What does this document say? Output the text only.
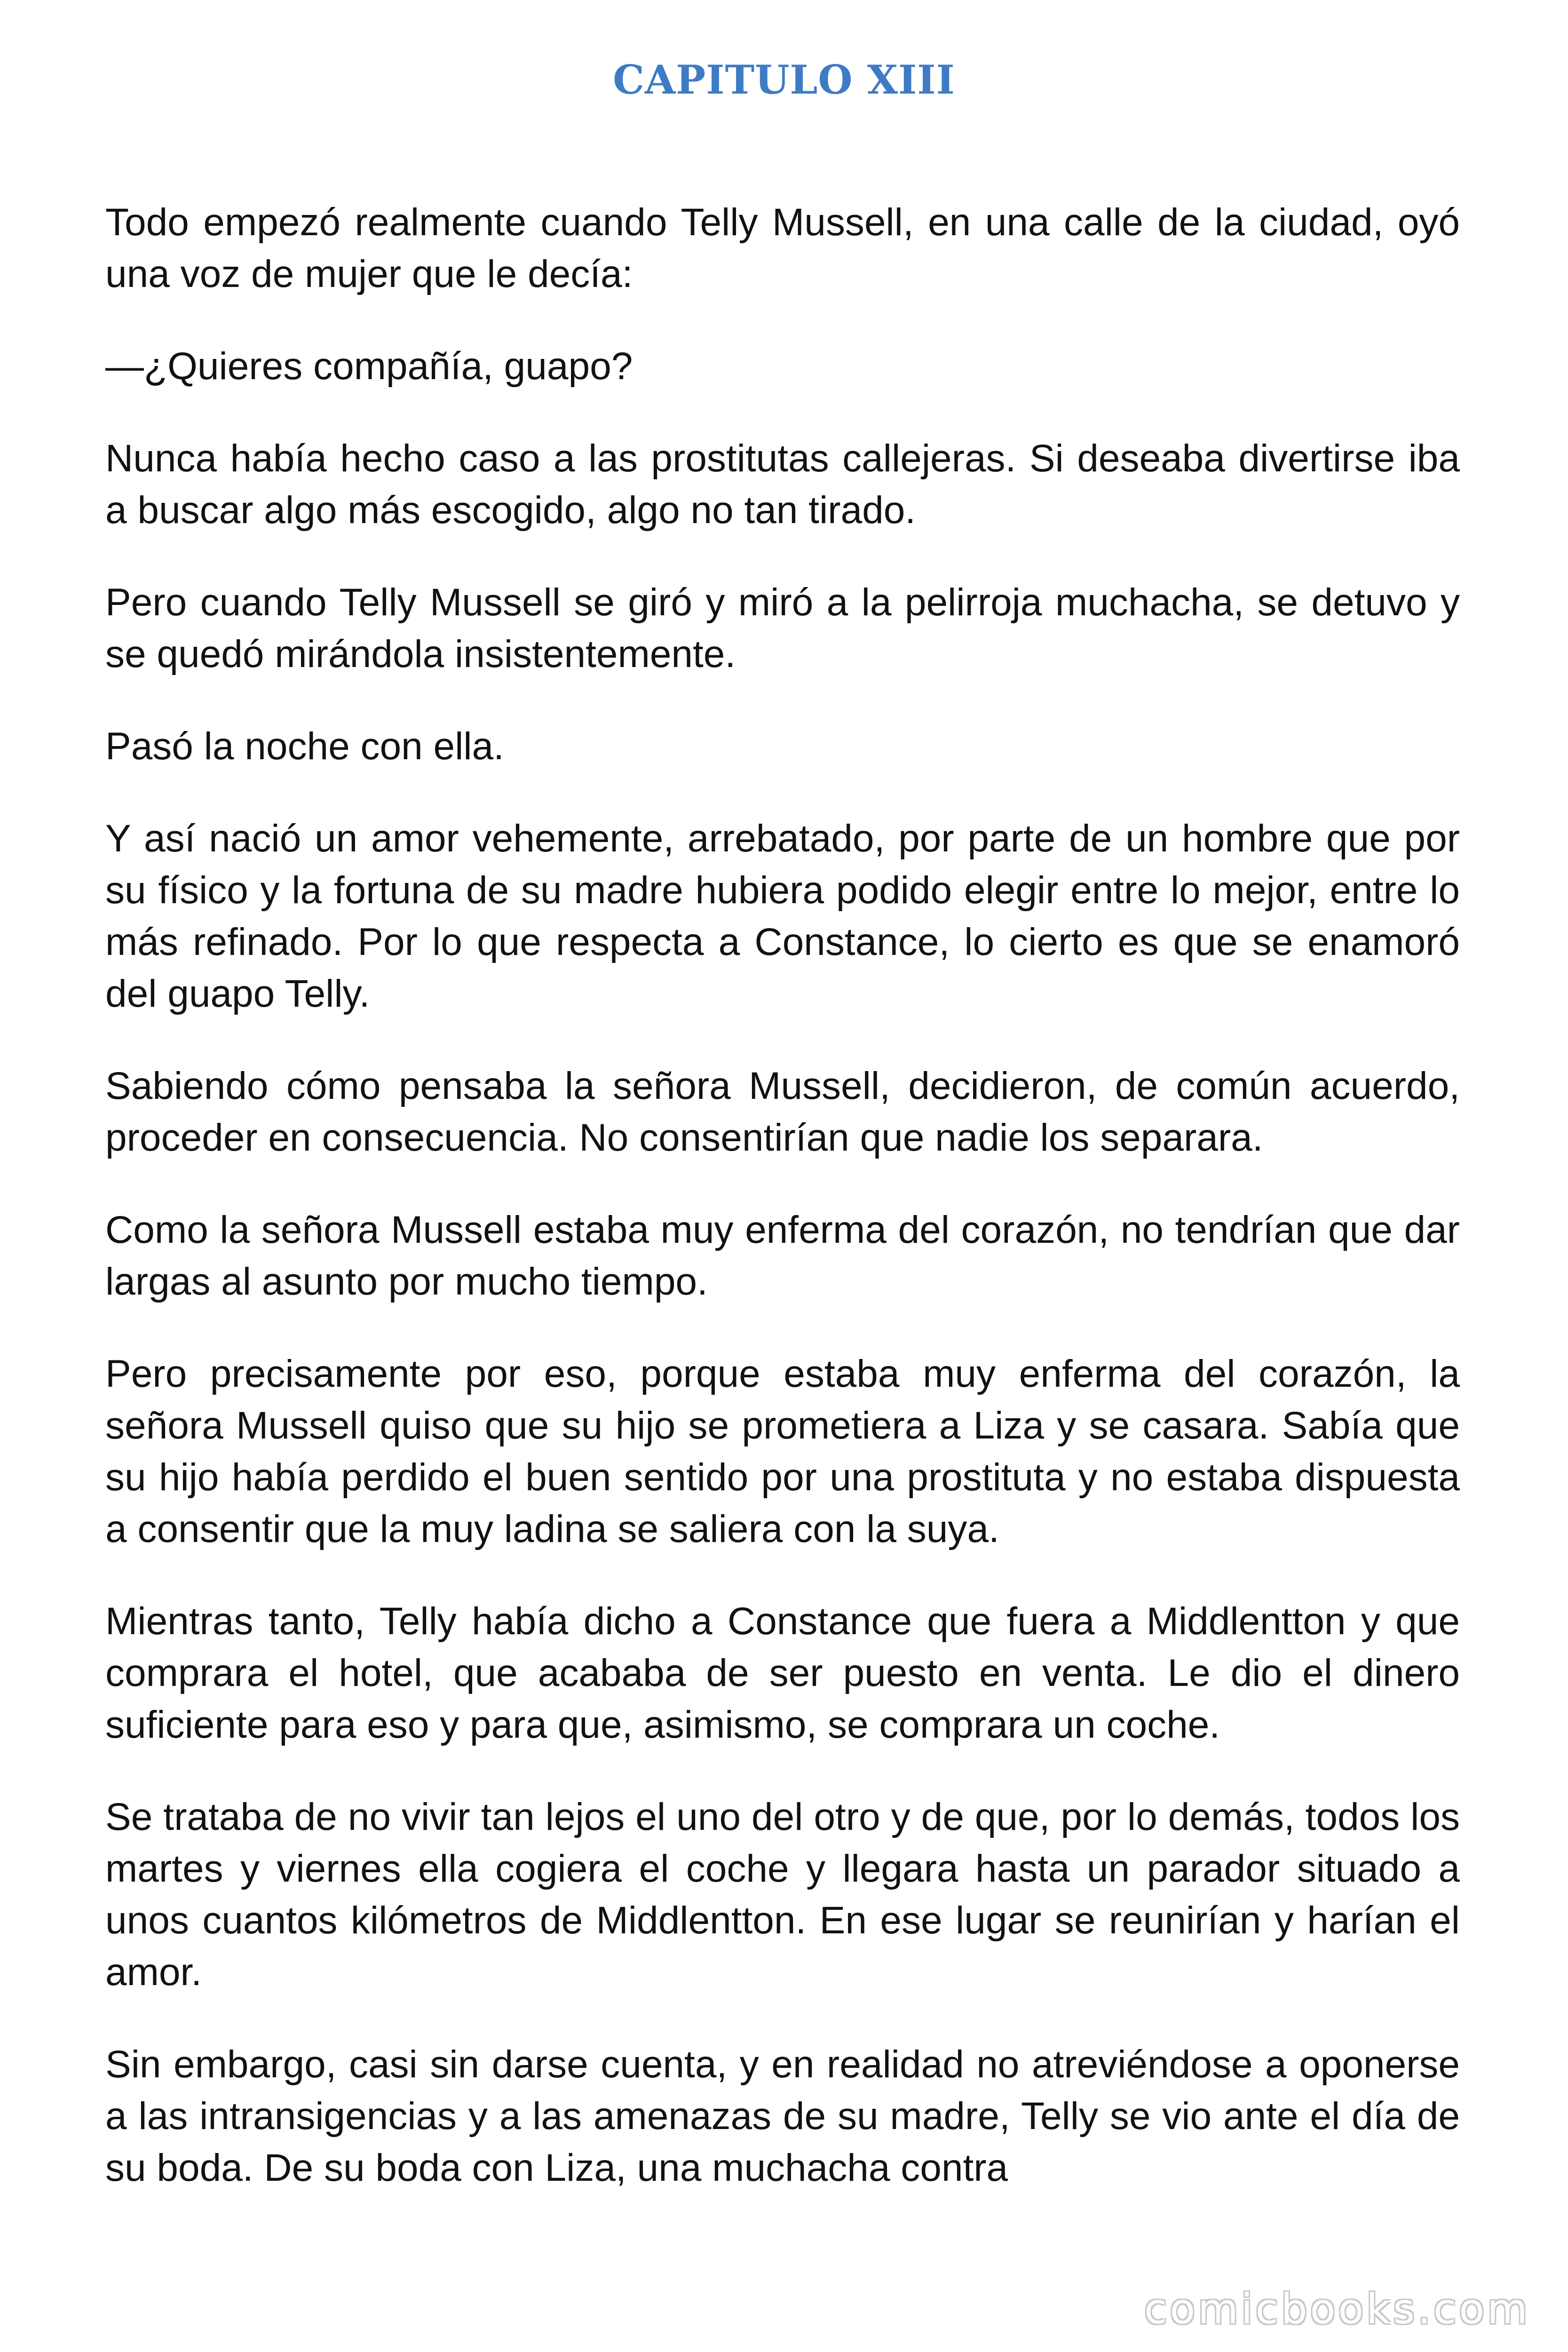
CAPITULO XIII

Todo empezó realmente cuando Telly Mussell, en una calle de la ciudad, oyó una voz de mujer que le decía:

—¿Quieres compañía, guapo?

Nunca había hecho caso a las prostitutas callejeras. Si deseaba divertirse iba a buscar algo más escogido, algo no tan tirado.

Pero cuando Telly Mussell se giró y miró a la pelirroja muchacha, se detuvo y se quedó mirándola insistentemente.

Pasó la noche con ella.

Y así nació un amor vehemente, arrebatado, por parte de un hombre que por su físico y la fortuna de su madre hubiera podido elegir entre lo mejor, entre lo más refinado. Por lo que respecta a Constance, lo cierto es que se enamoró del guapo Telly.

Sabiendo cómo pensaba la señora Mussell, decidieron, de común acuerdo, proceder en consecuencia. No consentirían que nadie los separara.

Como la señora Mussell estaba muy enferma del corazón, no tendrían que dar largas al asunto por mucho tiempo.

Pero precisamente por eso, porque estaba muy enferma del corazón, la señora Mussell quiso que su hijo se prometiera a Liza y se casara. Sabía que su hijo había perdido el buen sentido por una prostituta y no estaba dispuesta a consentir que la muy ladina se saliera con la suya.

Mientras tanto, Telly había dicho a Constance que fuera a Middlentton y que comprara el hotel, que acababa de ser puesto en venta. Le dio el dinero suficiente para eso y para que, asimismo, se comprara un coche.

Se trataba de no vivir tan lejos el uno del otro y de que, por lo demás, todos los martes y viernes ella cogiera el coche y llegara hasta un parador situado a unos cuantos kilómetros de Middlentton. En ese lugar se reunirían y harían el amor.

Sin embargo, casi sin darse cuenta, y en realidad no atreviéndose a oponerse a las intransigencias y a las amenazas de su madre, Telly se vio ante el día de su boda. De su boda con Liza, una muchacha contra

comicbooks.com
